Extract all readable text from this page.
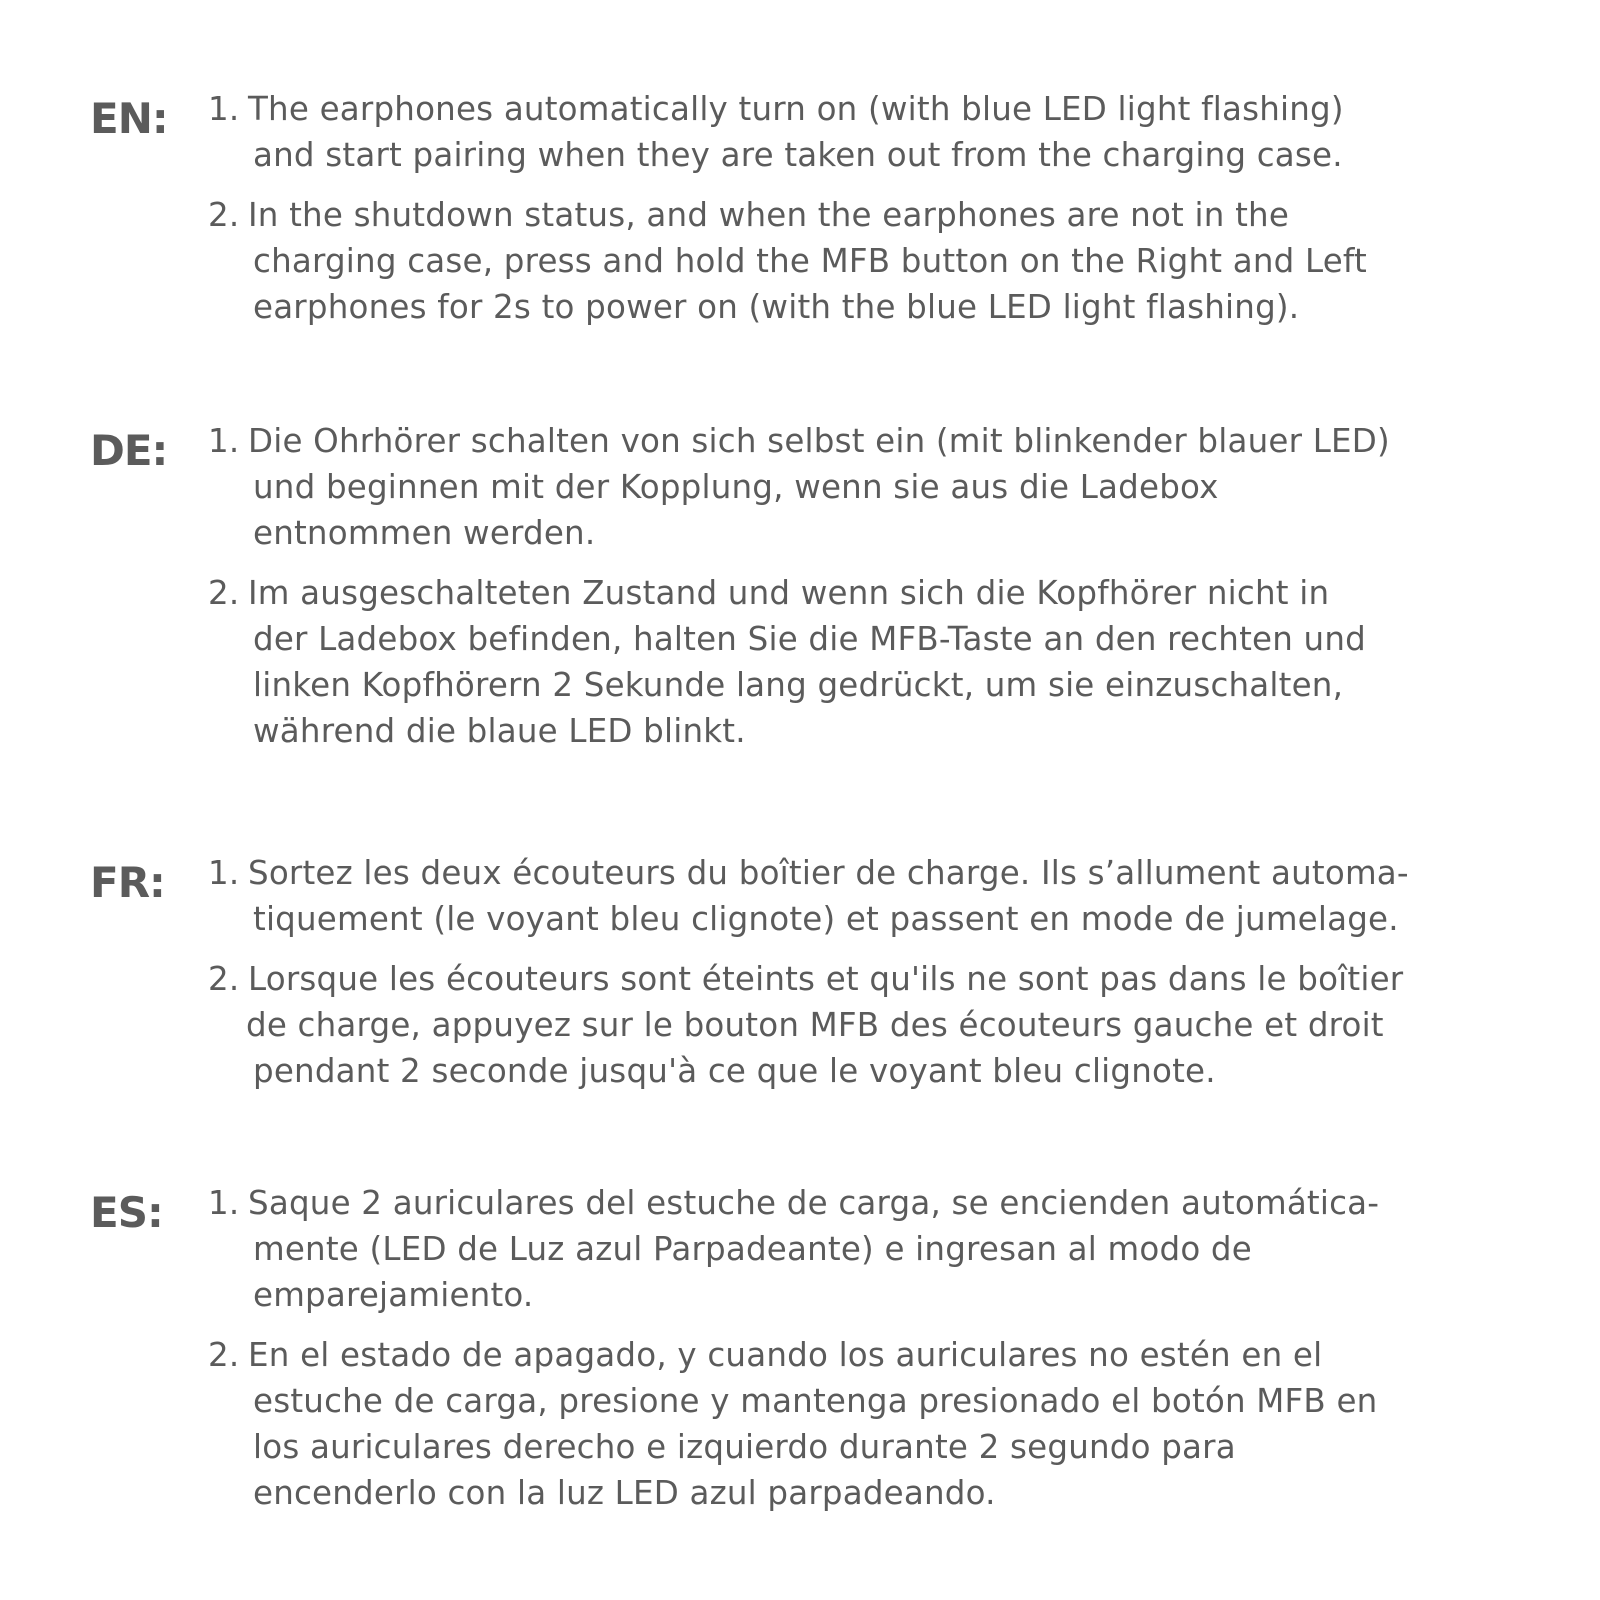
EN: 1. The earphones automatically turn on (with blue LED light flashing)
and start pairing when they are taken out from the charging case.
2. In the shutdown status, and when the earphones are not in the
charging case, press and hold the MFB button on the Right and Left
earphones for 2s to power on (with the blue LED light flashing).
DE: 1. Die Ohrhörer schalten von sich selbst ein (mit blinkender blauer LED)
und beginnen mit der Kopplung, wenn sie aus die Ladebox
entnommen werden.
2. Im ausgeschalteten Zustand und wenn sich die Kopfhörer nicht in
der Ladebox befinden, halten Sie die MFB-Taste an den rechten und
linken Kopfhörern 2 Sekunde lang gedrückt, um sie einzuschalten,
während die blaue LED blinkt.
FR: 1. Sortez les deux écouteurs du boîtier de charge. Ils s’allument automa-
tiquement (le voyant bleu clignote) et passent en mode de jumelage.
2. Lorsque les écouteurs sont éteints et qu'ils ne sont pas dans le boîtier
de charge, appuyez sur le bouton MFB des écouteurs gauche et droit
pendant 2 seconde jusqu'à ce que le voyant bleu clignote.
ES: 1. Saque 2 auriculares del estuche de carga, se encienden automática-
mente (LED de Luz azul Parpadeante) e ingresan al modo de
emparejamiento.
2. En el estado de apagado, y cuando los auriculares no estén en el
estuche de carga, presione y mantenga presionado el botón MFB en
los auriculares derecho e izquierdo durante 2 segundo para
encenderlo con la luz LED azul parpadeando.
